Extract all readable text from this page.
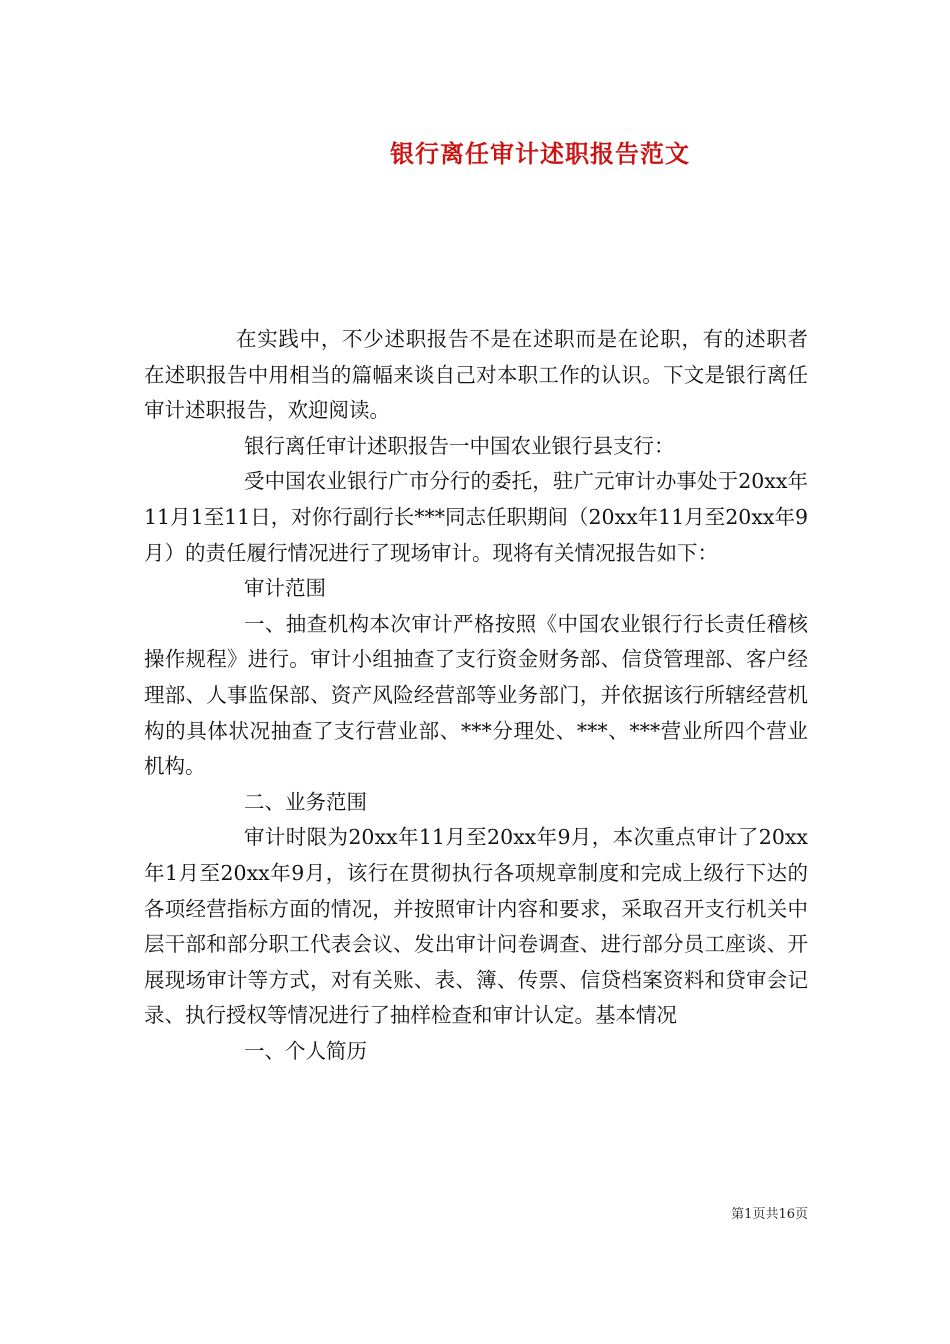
银行离任审计述职报告范文

在实践中，不少述职报告不是在述职而是在论职，有的述职者在述职报告中用相当的篇幅来谈自己对本职工作的认识。下文是银行离任审计述职报告，欢迎阅读。

银行离任审计述职报告一中国农业银行县支行：

受中国农业银行广市分行的委托，驻广元审计办事处于20xx年11月1至11日，对你行副行长***同志任职期间（20xx年11月至20xx年9月）的责任履行情况进行了现场审计。现将有关情况报告如下：

审计范围

一、抽查机构本次审计严格按照《中国农业银行行长责任稽核操作规程》进行。审计小组抽查了支行资金财务部、信贷管理部、客户经理部、人事监保部、资产风险经营部等业务部门，并依据该行所辖经营机构的具体状况抽查了支行营业部、***分理处、***、***营业所四个营业机构。

二、业务范围

审计时限为20xx年11月至20xx年9月，本次重点审计了20xx年1月至20xx年9月，该行在贯彻执行各项规章制度和完成上级行下达的各项经营指标方面的情况，并按照审计内容和要求，采取召开支行机关中层干部和部分职工代表会议、发出审计问卷调查、进行部分员工座谈、开展现场审计等方式，对有关账、表、簿、传票、信贷档案资料和贷审会记录、执行授权等情况进行了抽样检查和审计认定。基本情况

一、个人简历

第1页共16页
